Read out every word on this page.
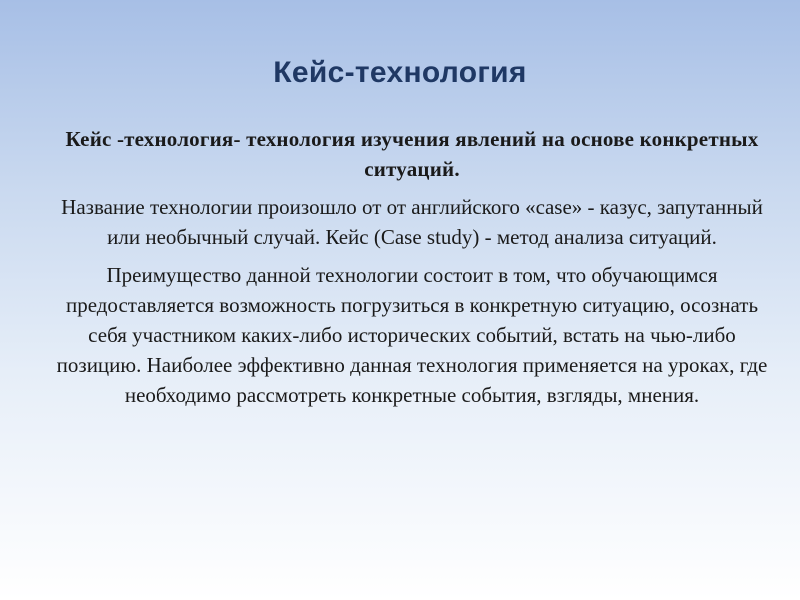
Кейс-технология

Кейс -технология- технология изучения явлений на основе конкретных ситуаций.

Название технологии произошло от от английского «case» - казус, запутанный или необычный случай. Кейс (Case study) - метод анализа ситуаций.

Преимущество данной технологии состоит в том, что обучающимся предоставляется возможность погрузиться в конкретную ситуацию, осознать себя участником каких-либо исторических событий, встать на чью-либо позицию. Наиболее эффективно данная технология применяется на уроках, где необходимо рассмотреть конкретные события, взгляды, мнения.
